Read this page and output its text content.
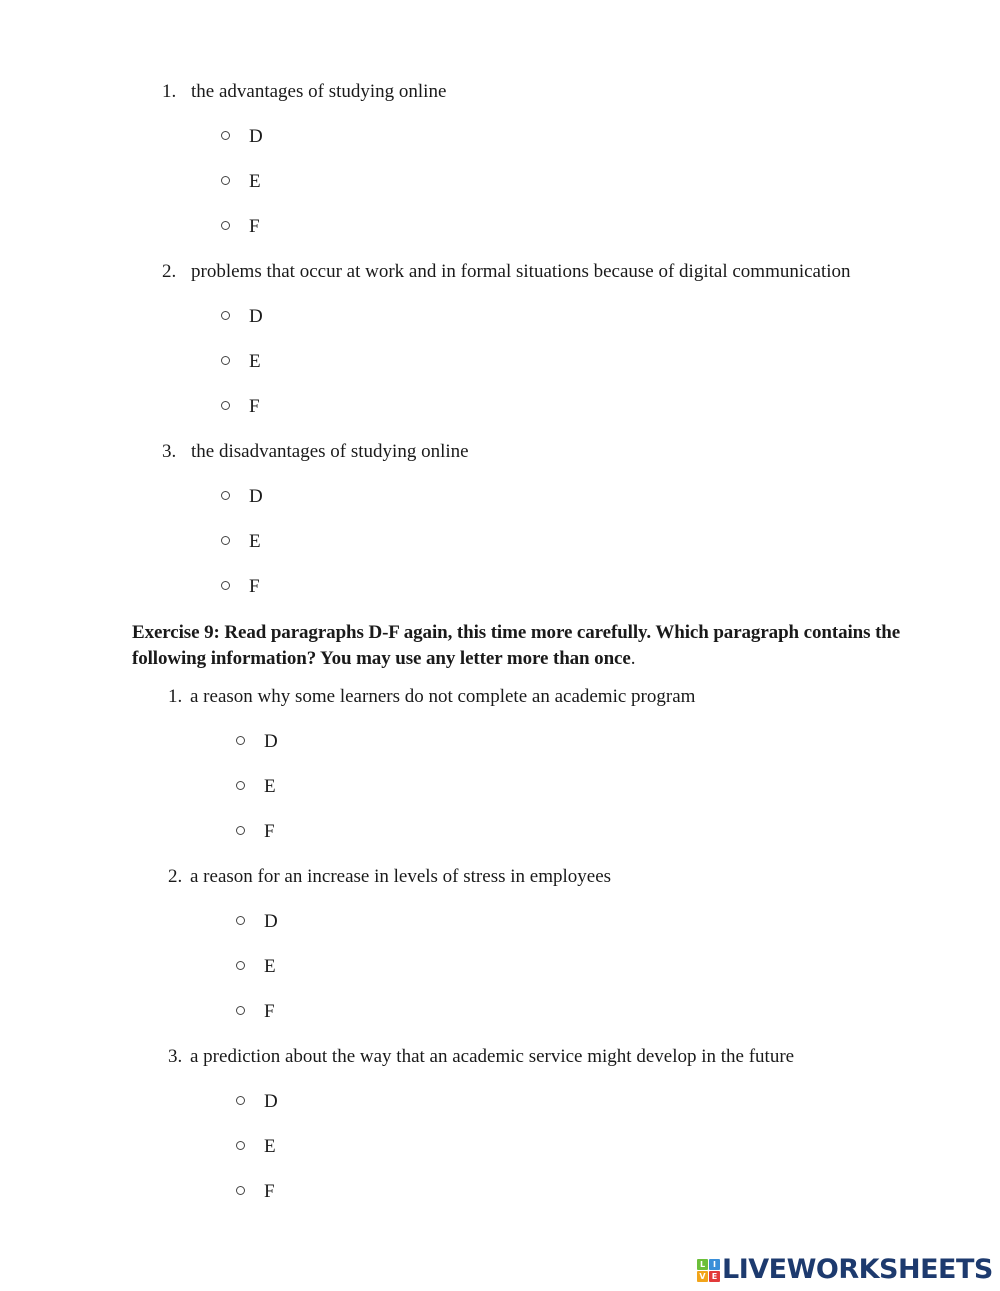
1. the advantages of studying online
D
E
F
2. problems that occur at work and in formal situations because of digital communication
D
E
F
3. the disadvantages of studying online
D
E
F
Exercise 9: Read paragraphs D-F again, this time more carefully. Which paragraph contains the following information? You may use any letter more than once.
1. a reason why some learners do not complete an academic program
D
E
F
2. a reason for an increase in levels of stress in employees
D
E
F
3. a prediction about the way that an academic service might develop in the future
D
E
F
L I
V E LIVEWORKSHEETS
